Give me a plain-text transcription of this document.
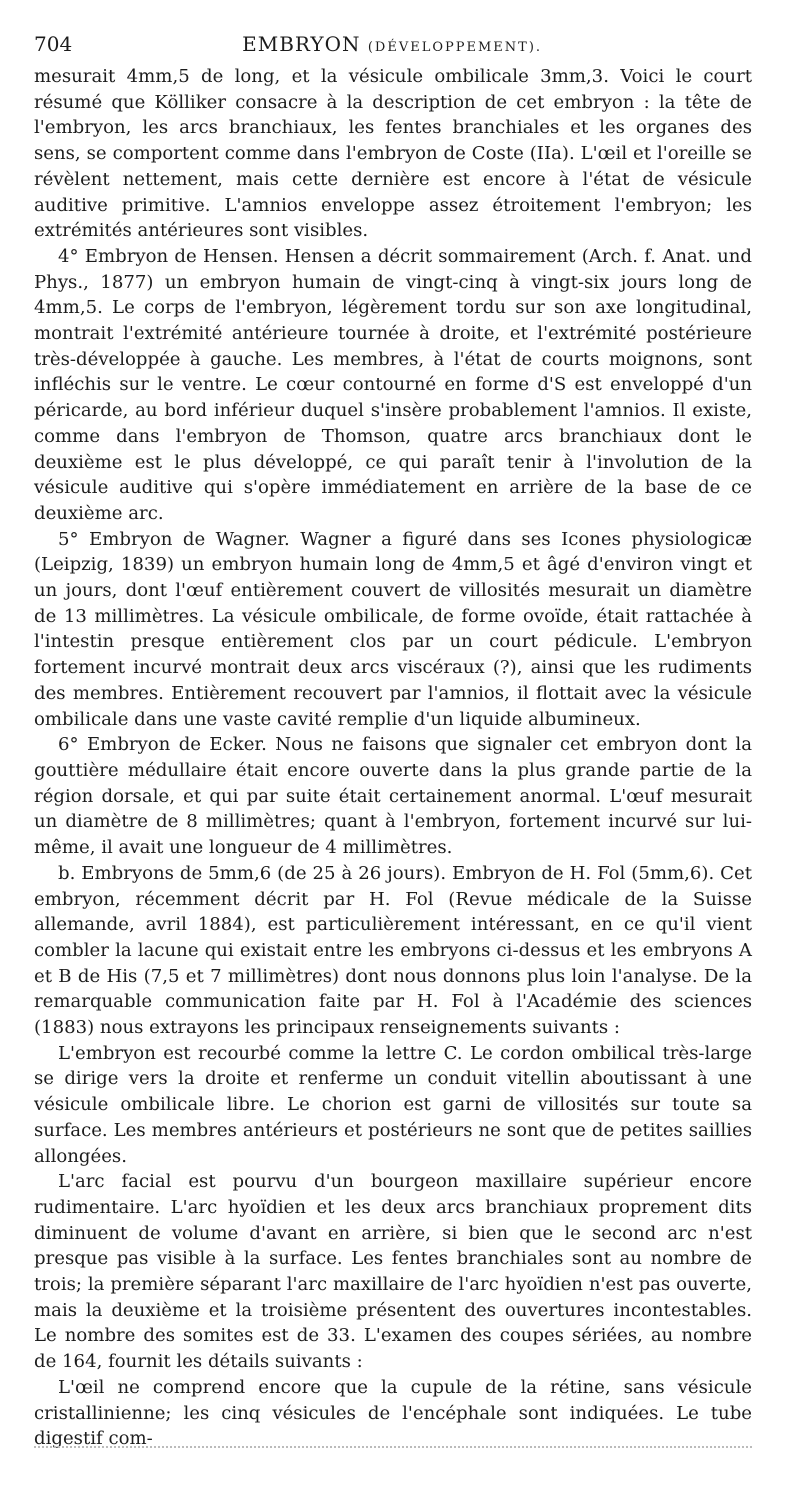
704	EMBRYON (DÉVELOPPEMENT).

mesurait 4mm,5 de long, et la vésicule ombilicale 3mm,3. Voici le court résumé que Kölliker consacre à la description de cet embryon : la tête de l'embryon, les arcs branchiaux, les fentes branchiales et les organes des sens, se comportent comme dans l'embryon de Coste (IIa). L'œil et l'oreille se révèlent nettement, mais cette dernière est encore à l'état de vésicule auditive primitive. L'amnios enveloppe assez étroitement l'embryon; les extrémités antérieures sont visibles.

4° Embryon de Hensen. Hensen a décrit sommairement (Arch. f. Anat. und Phys., 1877) un embryon humain de vingt-cinq à vingt-six jours long de 4mm,5. Le corps de l'embryon, légèrement tordu sur son axe longitudinal, montrait l'extrémité antérieure tournée à droite, et l'extrémité postérieure très-développée à gauche. Les membres, à l'état de courts moignons, sont infléchis sur le ventre. Le cœur contourné en forme d'S est enveloppé d'un péricarde, au bord inférieur duquel s'insère probablement l'amnios. Il existe, comme dans l'embryon de Thomson, quatre arcs branchiaux dont le deuxième est le plus développé, ce qui paraît tenir à l'involution de la vésicule auditive qui s'opère immédiatement en arrière de la base de ce deuxième arc.

5° Embryon de Wagner. Wagner a figuré dans ses Icones physiologicæ (Leipzig, 1839) un embryon humain long de 4mm,5 et âgé d'environ vingt et un jours, dont l'œuf entièrement couvert de villosités mesurait un diamètre de 13 millimètres. La vésicule ombilicale, de forme ovoïde, était rattachée à l'intestin presque entièrement clos par un court pédicule. L'embryon fortement incurvé montrait deux arcs viscéraux (?), ainsi que les rudiments des membres. Entièrement recouvert par l'amnios, il flottait avec la vésicule ombilicale dans une vaste cavité remplie d'un liquide albumineux.

6° Embryon de Ecker. Nous ne faisons que signaler cet embryon dont la gouttière médullaire était encore ouverte dans la plus grande partie de la région dorsale, et qui par suite était certainement anormal. L'œuf mesurait un diamètre de 8 millimètres; quant à l'embryon, fortement incurvé sur lui-même, il avait une longueur de 4 millimètres.

b. Embryons de 5mm,6 (de 25 à 26 jours). Embryon de H. Fol (5mm,6). Cet embryon, récemment décrit par H. Fol (Revue médicale de la Suisse allemande, avril 1884), est particulièrement intéressant, en ce qu'il vient combler la lacune qui existait entre les embryons ci-dessus et les embryons A et B de His (7,5 et 7 millimètres) dont nous donnons plus loin l'analyse. De la remarquable communication faite par H. Fol à l'Académie des sciences (1883) nous extrayons les principaux renseignements suivants :

L'embryon est recourbé comme la lettre C. Le cordon ombilical très-large se dirige vers la droite et renferme un conduit vitellin aboutissant à une vésicule ombilicale libre. Le chorion est garni de villosités sur toute sa surface. Les membres antérieurs et postérieurs ne sont que de petites saillies allongées.

L'arc facial est pourvu d'un bourgeon maxillaire supérieur encore rudimentaire. L'arc hyoïdien et les deux arcs branchiaux proprement dits diminuent de volume d'avant en arrière, si bien que le second arc n'est presque pas visible à la surface. Les fentes branchiales sont au nombre de trois; la première séparant l'arc maxillaire de l'arc hyoïdien n'est pas ouverte, mais la deuxième et la troisième présentent des ouvertures incontestables. Le nombre des somites est de 33. L'examen des coupes sériées, au nombre de 164, fournit les détails suivants :

L'œil ne comprend encore que la cupule de la rétine, sans vésicule cristallinienne; les cinq vésicules de l'encéphale sont indiquées. Le tube digestif com-
